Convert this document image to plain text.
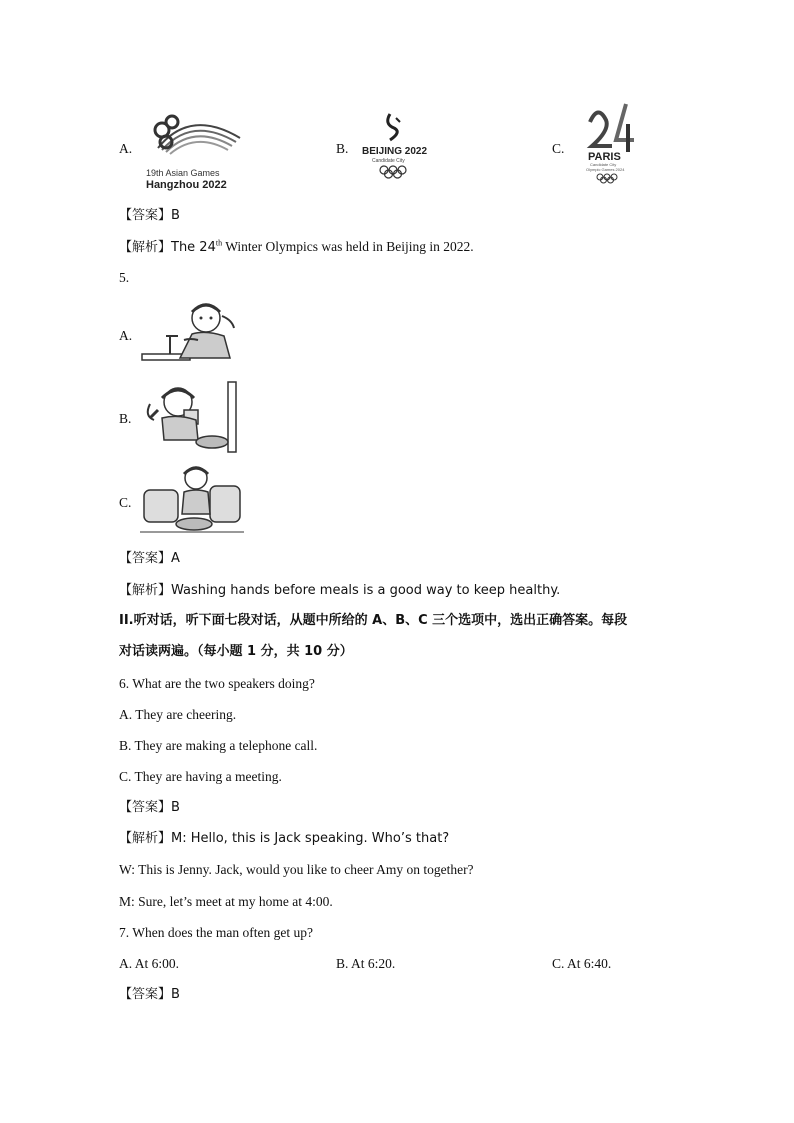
A.
19th Asian Games
Hangzhou 2022
B. BEIJING 2022
Candidate City
C.
PARIS
Candidate City
Olympic Games 2024
【答案】B
【解析】The 24th Winter Olympics was held in Beijing in 2022.
5.
A.
B.
C.
【答案】A
【解析】Washing hands before meals is a good way to keep healthy.
II.听对话，听下面七段对话，从题中所给的 A、B、C 三个选项中，选出正确答案。每段
对话读两遍。（每小题 1 分，共 10 分）
6. What are the two speakers doing?
A. They are cheering.
B. They are making a telephone call.
C. They are having a meeting.
【答案】B
【解析】M: Hello, this is Jack speaking. Who’s that?
W: This is Jenny. Jack, would you like to cheer Amy on together?
M: Sure, let’s meet at my home at 4:00.
7. When does the man often get up?
A. At 6:00.	B. At 6:20.	C. At 6:40.
【答案】B
